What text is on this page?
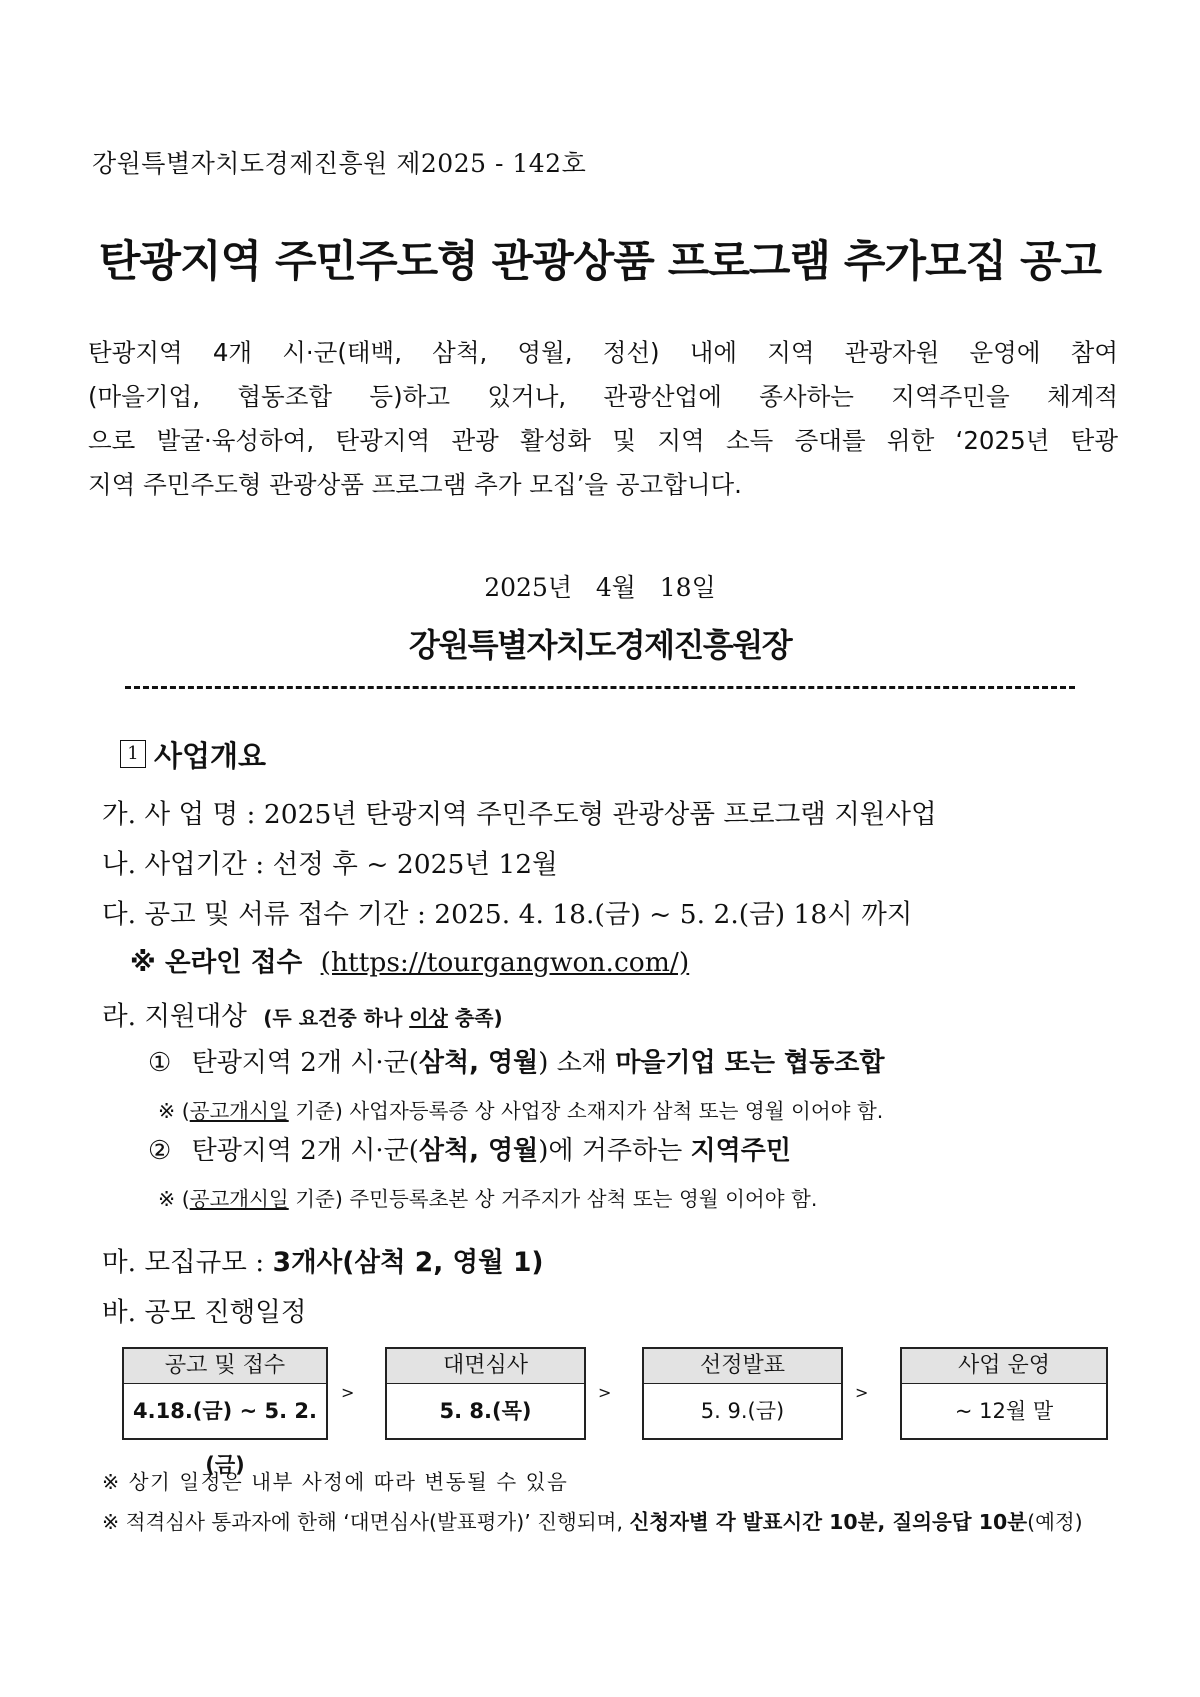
강원특별자치도경제진흥원 제2025 - 142호
탄광지역 주민주도형 관광상품 프로그램 추가모집 공고
탄광지역 4개 시·군(태백, 삼척, 영월, 정선) 내에 지역 관광자원 운영에 참여
(마을기업, 협동조합 등)하고 있거나, 관광산업에 종사하는 지역주민을 체계적
으로 발굴·육성하여, 탄광지역 관광 활성화 및 지역 소득 증대를 위한 ‘2025년 탄광
지역 주민주도형 관광상품 프로그램 추가 모집’을 공고합니다.
2025년   4월   18일
강원특별자치도경제진흥원장
1 사업개요
가. 사 업 명 : 2025년 탄광지역 주민주도형 관광상품 프로그램 지원사업
나. 사업기간 : 선정 후 ~ 2025년 12월
다. 공고 및 서류 접수 기간 : 2025. 4. 18.(금) ~ 5. 2.(금) 18시 까지
※ 온라인 접수 (https://tourgangwon.com/)
라. 지원대상 (두 요건중 하나 이상 충족)
① 탄광지역 2개 시·군(삼척, 영월) 소재 마을기업 또는 협동조합
※ (공고개시일 기준) 사업자등록증 상 사업장 소재지가 삼척 또는 영월 이어야 함.
② 탄광지역 2개 시·군(삼척, 영월)에 거주하는 지역주민
※ (공고개시일 기준) 주민등록초본 상 거주지가 삼척 또는 영월 이어야 함.
마. 모집규모 : 3개사(삼척 2, 영월 1)
바. 공모 진행일정
공고 및 접수
4.18.(금) ~ 5. 2.(금)
>
대면심사
5. 8.(목)
>
선정발표
5. 9.(금)
>
사업 운영
~ 12월 말
※ 상기 일정은 내부 사정에 따라 변동될 수 있음
※ 적격심사 통과자에 한해 ‘대면심사(발표평가)’ 진행되며, 신청자별 각 발표시간 10분, 질의응답 10분(예정)
